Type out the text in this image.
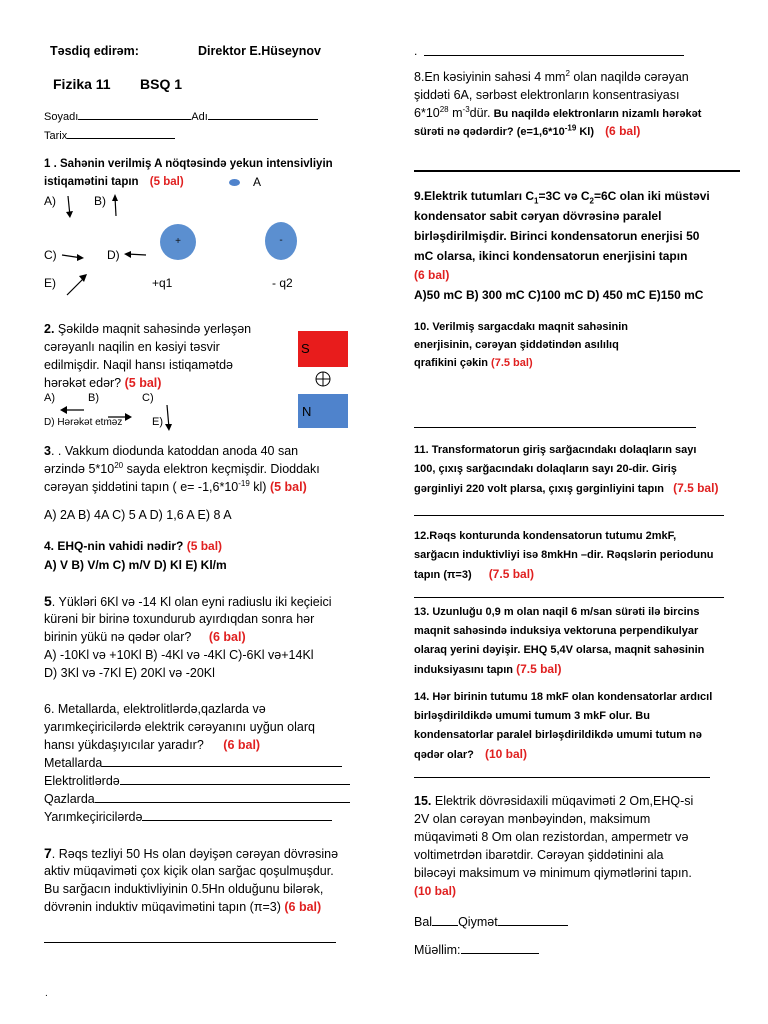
Təsdiq edirəm:	Direktor E.Hüseynov
Fizika 11 BSQ 1
Soyadı	Adı
Tarix
1 . Sahənin verilmiş A nöqtəsində yekun intensivliyin
istiqamətini tapın (5 bal)	A
A)	B)
+	-
C)	D)
E)	+q1	- q2
2. Şəkildə maqnit sahəsində yerləşən
cərəyanlı naqilin en kəsiyi təsvir
edilmişdir. Naqil hansı istiqamətdə
hərəkət edər? (5 bal)
S
N
A)	B)	C)
D) Hərəkət etməz	E)
3. . Vakkum diodunda katoddan anoda 40 san
ərzində $5*10^{20}$ sayda elektron keçmişdir. Dioddakı
cərəyan şiddətini tapın ( $e= -1,6*10^{-19}$ kl) (5 bal)
A) 2A B) 4A C) 5 A D) 1,6 A E) 8 A
4. EHQ-nin vahidi nədir? (5 bal)
A) V B) V/m C) m/V D) Kl E) Kl/m
5. Yükləri 6Kl və -14 Kl olan eyni radiuslu iki keçieici
kürəni bir birinə toxundurub ayırdıqdan sonra hər
birinin yükü nə qədər olar? (6 bal)
A) -10Kl və +10Kl B) -4Kl və -4Kl C)-6Kl və+14Kl
D) 3Kl və -7Kl E) 20Kl və -20Kl
6. Metallarda, elektrolitlərdə,qazlarda və
yarımkeçiricilərdə elektrik cərəyanını uyğun olarq
hansı yükdaşıyıcılar yaradır? (6 bal)
Metallarda
Elektrolitlərdə
Qazlarda
Yarımkeçiricilərdə
7. Rəqs tezliyi 50 Hs olan dəyişən cərəyan dövrəsinə
aktiv müqaviməti çox kiçik olan sarğac qoşulmuşdur.
Bu sarğacın induktivliyinin 0.5Hn olduğunu bilərək,
dövrənin induktiv müqavimətini tapın (π=3) (6 bal)
.
.
8.En kəsiyinin sahəsi 4 $mm^2$ olan naqildə cərəyan
şiddəti 6A, sərbəst elektronların konsentrasiyası
$6*10^{28}$ $m^{-3}dür$. Bu naqildə elektronların nizamlı hərəkət
sürəti nə qədərdir? ($e=1,6*10^{-19}$ Kl) (6 bal)
9.Elektrik tutumları $C_1=3C$ və $C_2=6C$ olan iki müstəvi
kondensator sabit cəryan dövrəsinə paralel
birləşdirilmişdir. Birinci kondensatorun enerjisi 50
mC olarsa, ikinci kondensatorun enerjisini tapın
(6 bal)
A)50 mC B) 300 mC C)100 mC D) 450 mC E)150 mC
10. Verilmiş sargacdakı maqnit sahəsinin
enerjisinin, cərəyan şiddətindən asılılıq
qrafikini çəkin (7.5 bal)
11. Transformatorun giriş sarğacındakı dolaqların sayı
100, çıxış sarğacındakı dolaqların sayı 20-dir. Giriş
gərginliyi 220 volt plarsa, çıxış gərginliyini tapın (7.5 bal)
12.Rəqs konturunda kondensatorun tutumu 2mkF,
sarğacın induktivliyi isə 8mkHn –dir. Rəqslərin periodunu
tapın (π=3) (7.5 bal)
13. Uzunluğu 0,9 m olan naqil 6 m/san sürəti ilə bircins
maqnit sahəsində induksiya vektoruna perpendikulyar
olaraq yerini dəyişir. EHQ 5,4V olarsa, maqnit sahəsinin
induksiyasını tapın (7.5 bal)
14. Hər birinin tutumu 18 mkF olan kondensatorlar ardıcıl
birləşdirildikdə umumi tumum 3 mkF olur. Bu
kondensatorlar paralel birləşdirildikdə umumi tutum nə
qədər olar? (10 bal)
15. Elektrik dövrəsidaxili müqaviməti 2 Om,EHQ-si
2V olan cərəyan mənbəyindən, maksimum
müqaviməti 8 Om olan rezistordan, ampermetr və
voltimetrdən ibarətdir. Cərəyan şiddətinini ala
biləcəyi maksimum və minimum qiymətlərini tapın.
(10 bal)
Bal Qiymət
Müəllim:
